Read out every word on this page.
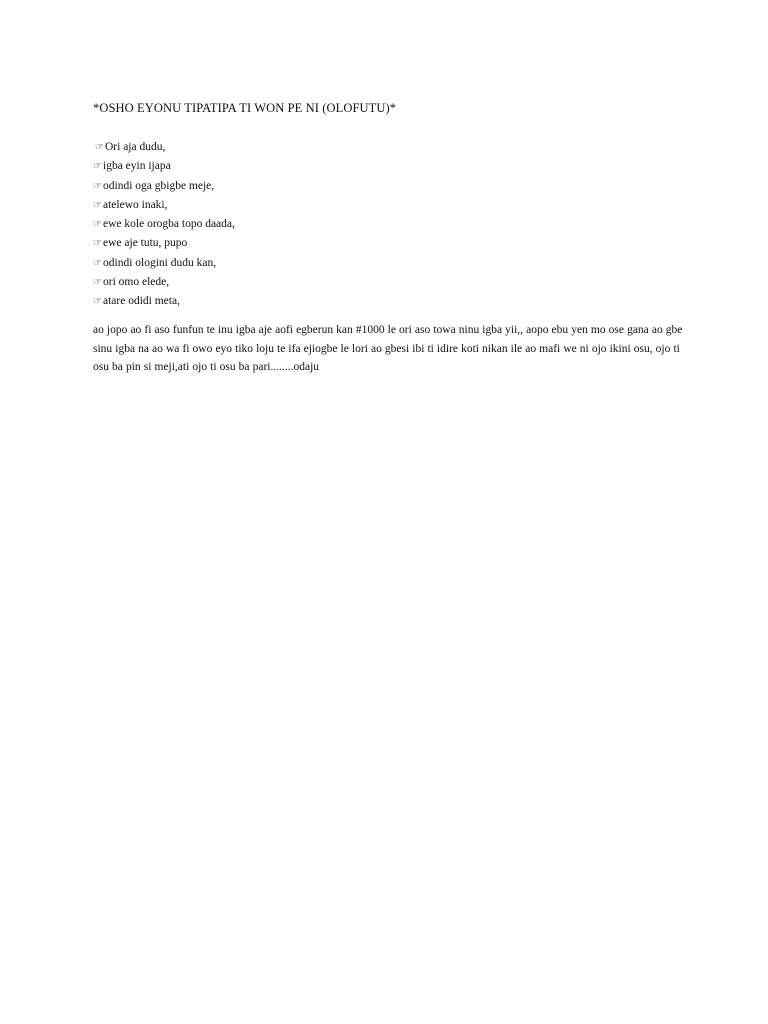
*OSHO EYONU TIPATIPA TI WON PE NI (OLOFUTU)*
☞Ori aja dudu,
☞igba eyin ijapa
☞odindi oga gbigbe meje,
☞atelewo inaki,
☞ewe kole orogba topo daada,
☞ewe aje tutu, pupo
☞odindi ologini dudu kan,
☞ori omo elede,
☞atare odidi meta,

ao jopo ao fi aso funfun te inu igba aje aofi egberun kan #1000 le ori aso towa ninu igba yii,, aopo ebu yen mo ose gana ao gbe sinu igba na ao wa fi owo eyo tiko loju te ifa ejiogbe le lori ao gbesi ibi ti idire koti nikan ile ao mafi we ni ojo ikini osu, ojo ti osu ba pin si meji,ati ojo ti osu ba pari........odaju
